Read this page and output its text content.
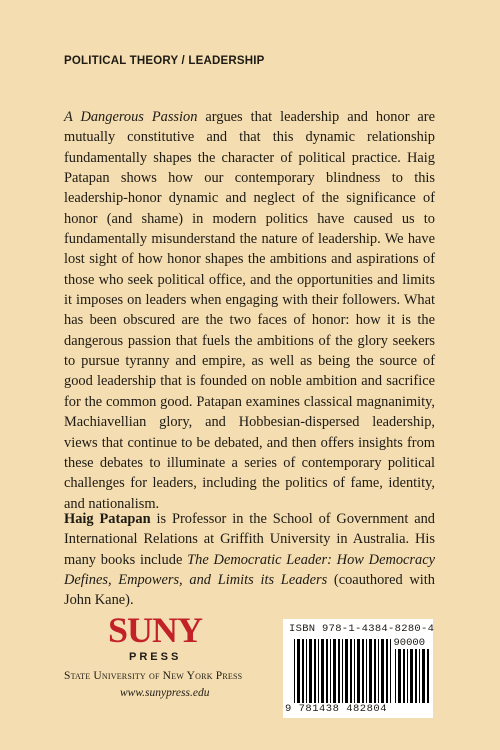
POLITICAL THEORY / LEADERSHIP

A Dangerous Passion argues that leadership and honor are mutually constitutive and that this dynamic relationship fundamentally shapes the character of political practice. Haig Patapan shows how our contemporary blindness to this leadership-honor dynamic and neglect of the significance of honor (and shame) in modern politics have caused us to fundamentally misunderstand the nature of leadership. We have lost sight of how honor shapes the ambitions and aspirations of those who seek political office, and the opportunities and limits it imposes on leaders when engaging with their followers. What has been obscured are the two faces of honor: how it is the dangerous passion that fuels the ambitions of the glory seekers to pursue tyranny and empire, as well as being the source of good leadership that is founded on noble ambition and sacrifice for the common good. Patapan examines classical magnanimity, Machiavellian glory, and Hobbesian-dispersed leadership, views that continue to be debated, and then offers insights from these debates to illuminate a series of contemporary political challenges for leaders, including the politics of fame, identity, and nationalism.

Haig Patapan is Professor in the School of Government and International Relations at Griffith University in Australia. His many books include The Democratic Leader: How Democracy Defines, Empowers, and Limits its Leaders (coauthored with John Kane).

SUNY
PRESS
State University of New York Press
www.sunypress.edu
ISBN 978-1-4384-8280-4
90000
9 781438 482804
